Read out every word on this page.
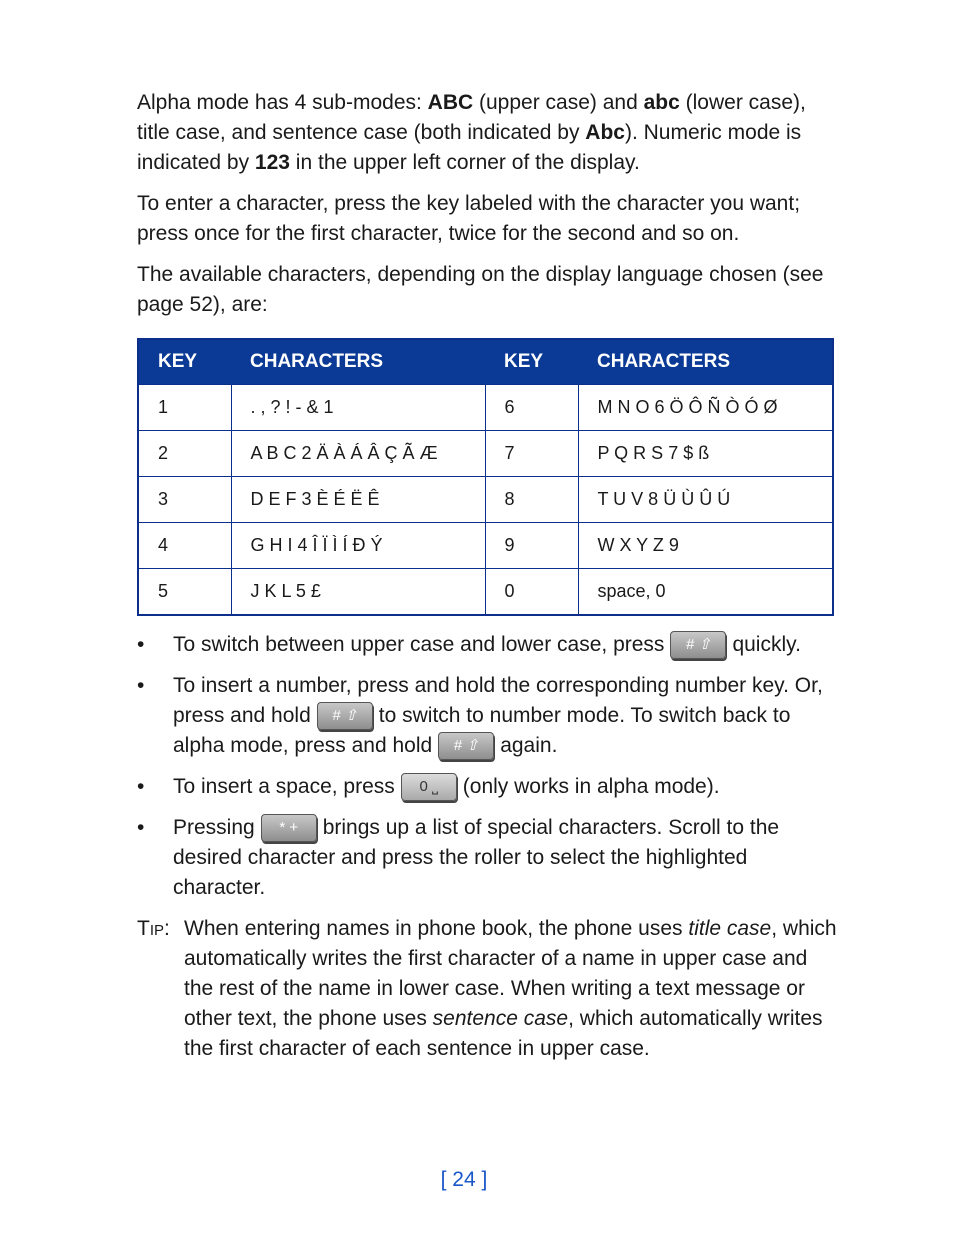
Alpha mode has 4 sub-modes: ABC (upper case) and abc (lower case), title case, and sentence case (both indicated by Abc). Numeric mode is indicated by 123 in the upper left corner of the display.

To enter a character, press the key labeled with the character you want; press once for the first character, twice for the second and so on.

The available characters, depending on the display language chosen (see page 52), are:

KEY	CHARACTERS	KEY	CHARACTERS
1	. , ? ! - & 1	6	M N O 6 Ö Ô Ñ Ò Ó Ø
2	A B C 2 Ä À Á Â Ç Ã Æ	7	P Q R S 7 $ ß
3	D E F 3 È É Ë Ê	8	T U V 8 Ü Ù Û Ú
4	G H I 4 Î Ï Ì Í Ð Ý	9	W X Y Z 9
5	J K L 5 £	0	space, 0
• To switch between upper case and lower case, press # ⇧ quickly.
• To insert a number, press and hold the corresponding number key. Or, press and hold # ⇧ to switch to number mode. To switch back to alpha mode, press and hold # ⇧ again.
• To insert a space, press 0 ⎵ (only works in alpha mode).
• Pressing * + brings up a list of special characters. Scroll to the desired character and press the roller to select the highlighted character.
Tip: When entering names in phone book, the phone uses title case, which automatically writes the first character of a name in upper case and the rest of the name in lower case. When writing a text message or other text, the phone uses sentence case, which automatically writes the first character of each sentence in upper case.
[ 24 ]
